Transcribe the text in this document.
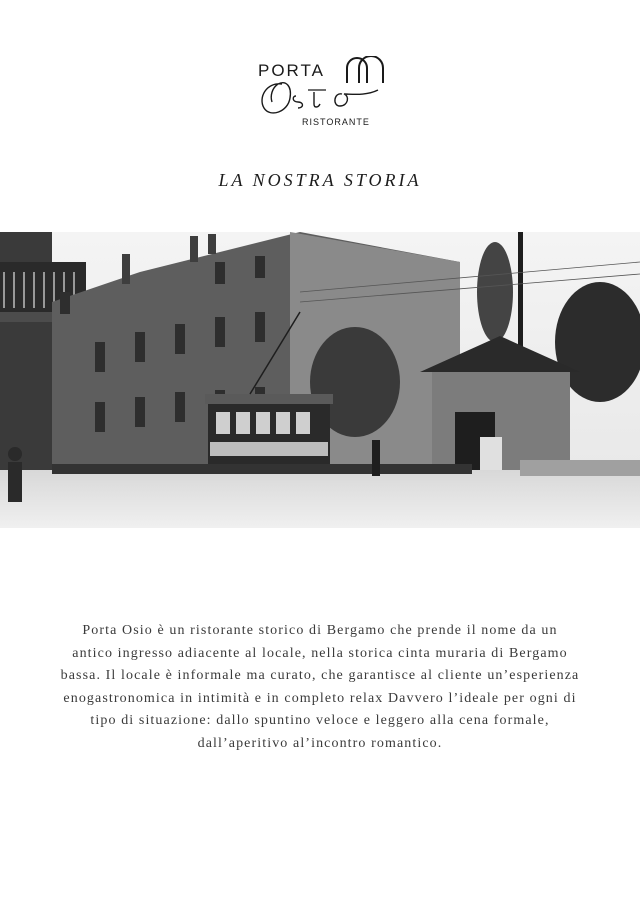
PORTA
RISTORANTE
LA NOSTRA STORIA

Porta Osio è un ristorante storico di Bergamo che prende il nome da un antico ingresso adiacente al locale, nella storica cinta muraria di Bergamo bassa. Il locale è informale ma curato, che garantisce al cliente un’esperienza enogastronomica in intimità e in completo relax Davvero l’ideale per ogni di tipo di situazione: dallo spuntino veloce e leggero alla cena formale, dall’aperitivo al’incontro romantico.
